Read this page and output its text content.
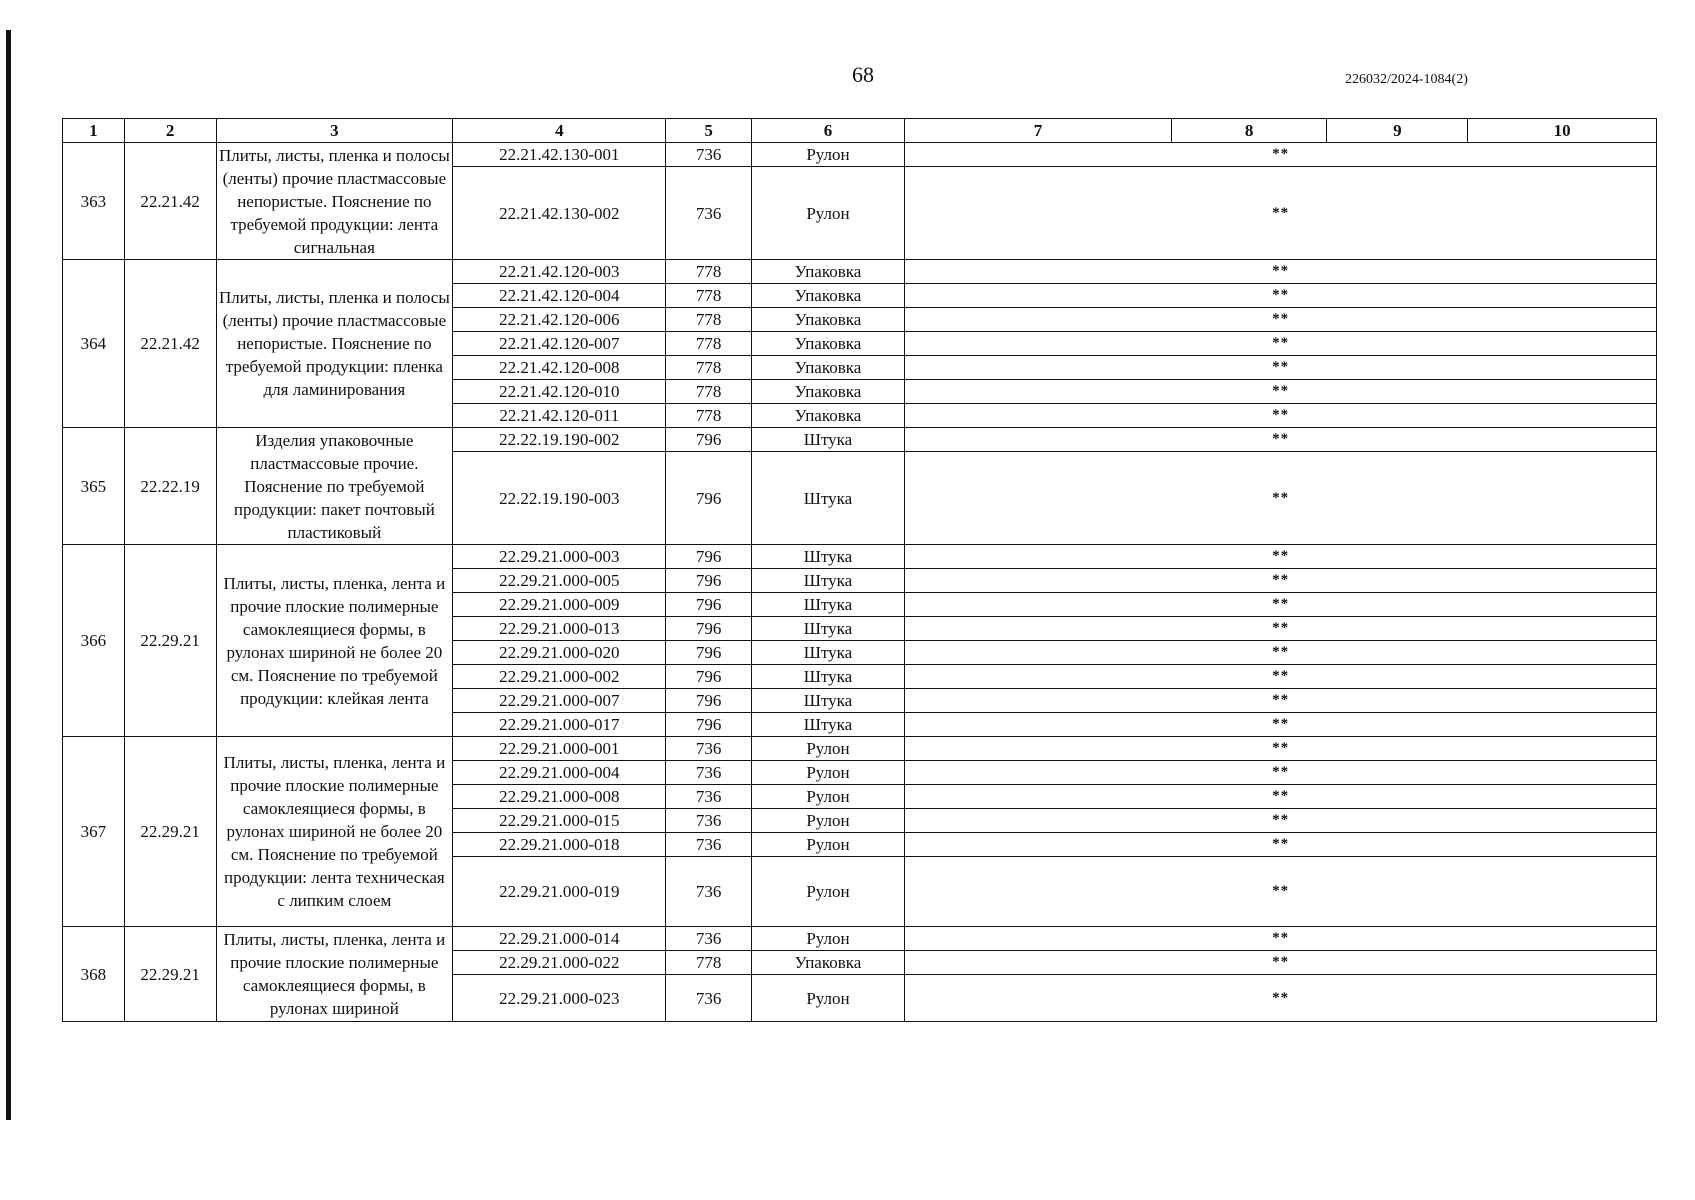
68	226032/2024-1084(2)
1	2	3	4	5	6	7	8	9	10
363	22.21.42	Плиты, листы, пленка и полосы (ленты) прочие пластмассовые непористые. Пояснение по требуемой продукции: лента сигнальная	22.21.42.130-001	736	Рулон	**			
			22.21.42.130-002	736	Рулон	**			
364	22.21.42	Плиты, листы, пленка и полосы (ленты) прочие пластмассовые непористые. Пояснение по требуемой продукции: пленка для ламинирования	22.21.42.120-003	778	Упаковка	**			
			22.21.42.120-004	778	Упаковка	**			
			22.21.42.120-006	778	Упаковка	**			
			22.21.42.120-007	778	Упаковка	**			
			22.21.42.120-008	778	Упаковка	**			
			22.21.42.120-010	778	Упаковка	**			
			22.21.42.120-011	778	Упаковка	**			
365	22.22.19	Изделия упаковочные пластмассовые прочие. Пояснение по требуемой продукции: пакет почтовый пластиковый	22.22.19.190-002	796	Штука	**			
			22.22.19.190-003	796	Штука	**			
366	22.29.21	Плиты, листы, пленка, лента и прочие плоские полимерные самоклеящиеся формы, в рулонах шириной не более 20 см. Пояснение по требуемой продукции: клейкая лента	22.29.21.000-003	796	Штука	**			
			22.29.21.000-005	796	Штука	**			
			22.29.21.000-009	796	Штука	**			
			22.29.21.000-013	796	Штука	**			
			22.29.21.000-020	796	Штука	**			
			22.29.21.000-002	796	Штука	**			
			22.29.21.000-007	796	Штука	**			
			22.29.21.000-017	796	Штука	**			
367	22.29.21	Плиты, листы, пленка, лента и прочие плоские полимерные самоклеящиеся формы, в рулонах шириной не более 20 см. Пояснение по требуемой продукции: лента техническая с липким слоем	22.29.21.000-001	736	Рулон	**			
			22.29.21.000-004	736	Рулон	**			
			22.29.21.000-008	736	Рулон	**			
			22.29.21.000-015	736	Рулон	**			
			22.29.21.000-018	736	Рулон	**			
			22.29.21.000-019	736	Рулон	**			
368	22.29.21	Плиты, листы, пленка, лента и прочие плоские полимерные самоклеящиеся формы, в рулонах шириной	22.29.21.000-014	736	Рулон	**			
			22.29.21.000-022	778	Упаковка	**			
			22.29.21.000-023	736	Рулон	**			
